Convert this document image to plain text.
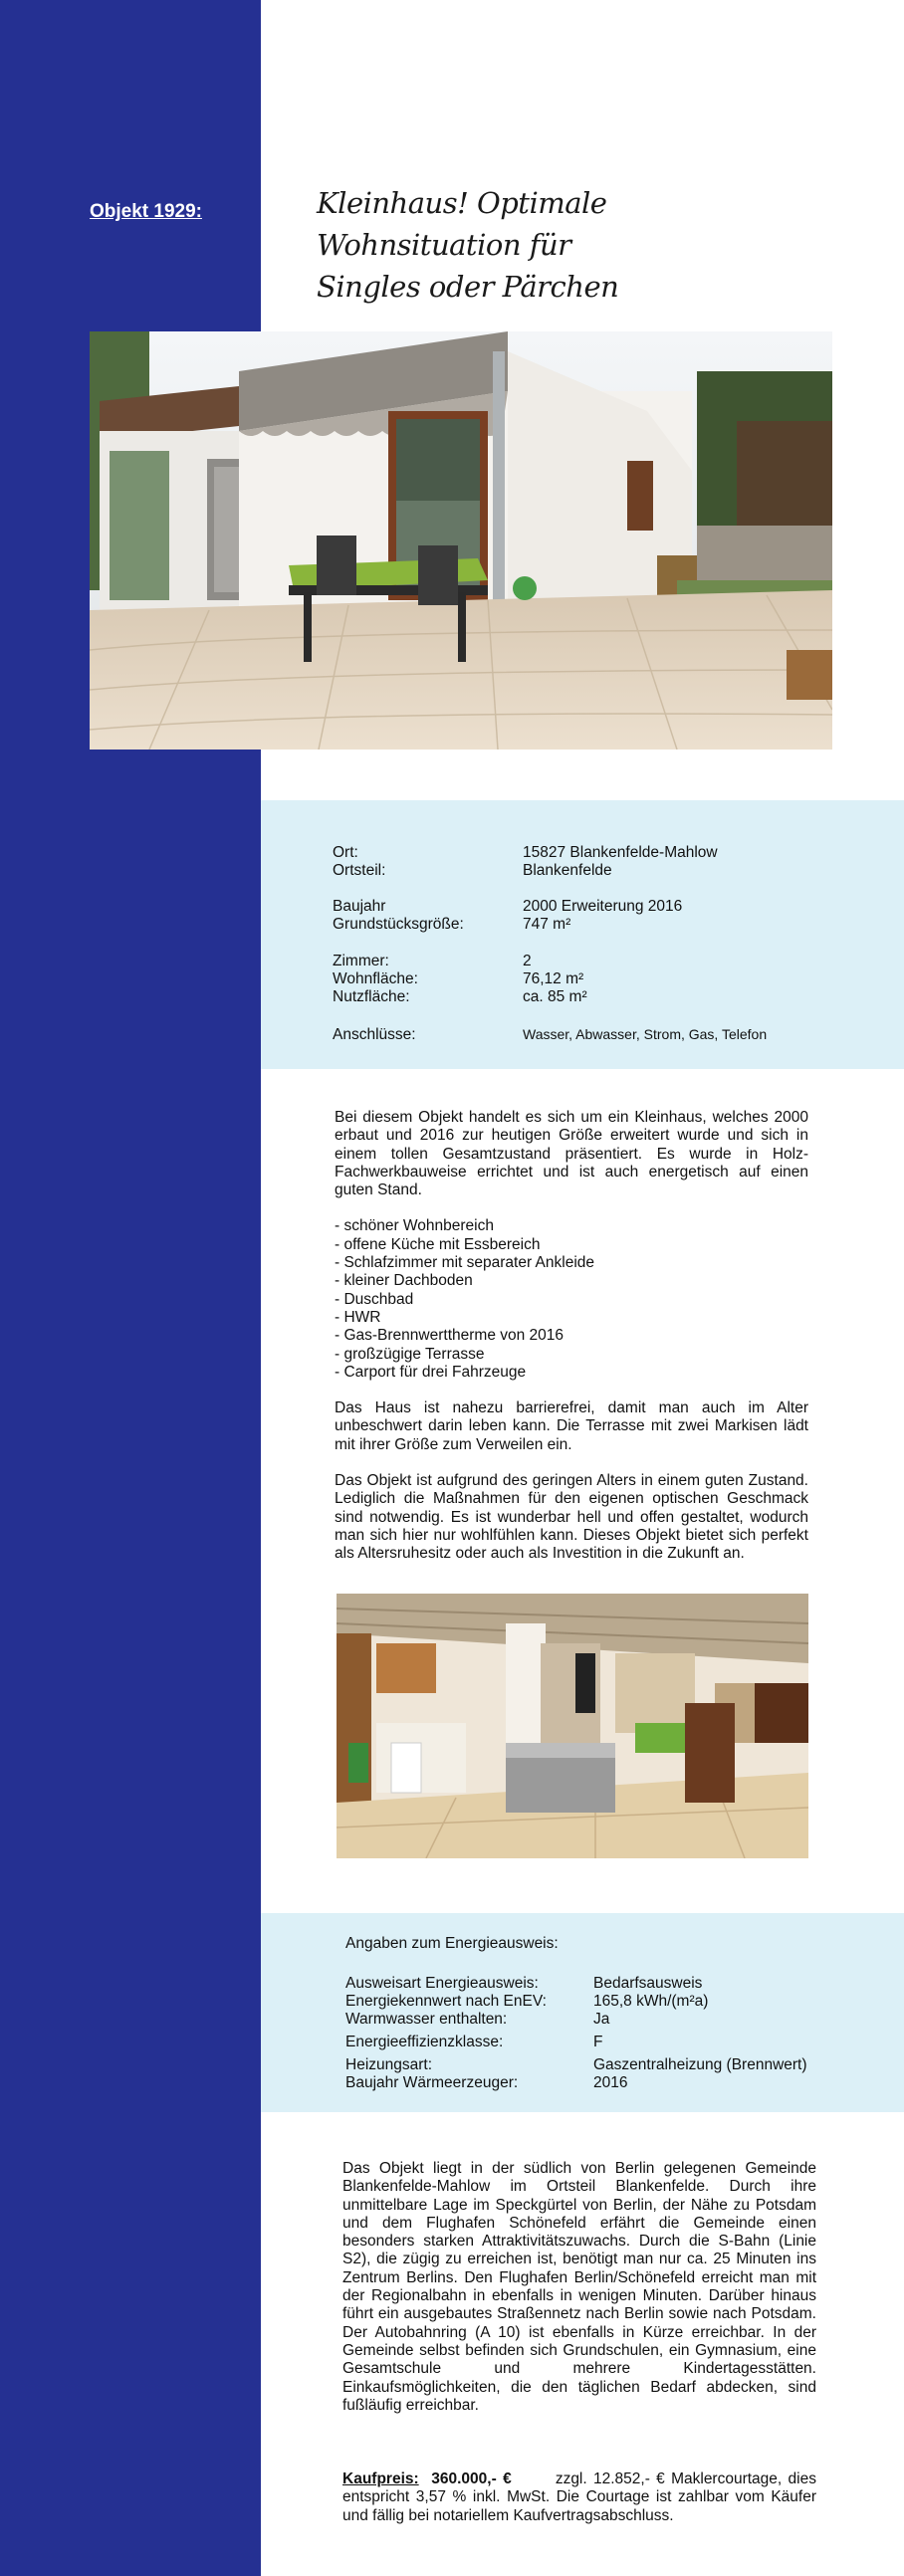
Objekt 1929:	Kleinhaus! Optimale Wohnsituation für
Singles oder Pärchen
Ort:	15827 Blankenfelde-Mahlow
Ortsteil:	Blankenfelde
Baujahr	2000 Erweiterung 2016
Grundstücksgröße:	747 m²
Zimmer:	2
Wohnfläche:	76,12 m²
Nutzfläche:	ca. 85 m²
Anschlüsse:	Wasser, Abwasser, Strom, Gas, Telefon

Bei diesem Objekt handelt es sich um ein Kleinhaus, welches 2000 erbaut und 2016 zur heutigen Größe erweitert wurde und sich in einem tollen Gesamtzustand präsentiert. Es wurde in Holz-Fachwerkbauweise errichtet und ist auch energetisch auf einen guten Stand.

- schöner Wohnbereich
- offene Küche mit Essbereich
- Schlafzimmer mit separater Ankleide
- kleiner Dachboden
- Duschbad
- HWR
- Gas-Brennwerttherme von 2016
- großzügige Terrasse
- Carport für drei Fahrzeuge

Das Haus ist nahezu barrierefrei, damit man auch im Alter unbeschwert darin leben kann. Die Terrasse mit zwei Markisen lädt mit ihrer Größe zum Verweilen ein.

Das Objekt ist aufgrund des geringen Alters in einem guten Zustand. Lediglich die Maßnahmen für den eigenen optischen Geschmack sind notwendig. Es ist wunderbar hell und offen gestaltet, wodurch man sich hier nur wohlfühlen kann. Dieses Objekt bietet sich perfekt als Altersruhesitz oder auch als Investition in die Zukunft an.

Angaben zum Energieausweis:
Ausweisart Energieausweis:	Bedarfsausweis
Energiekennwert nach EnEV:	165,8 kWh/(m²a)
Warmwasser enthalten:	Ja
Energieeffizienzklasse:	F
Heizungsart:	Gaszentralheizung (Brennwert)
Baujahr Wärmeerzeuger:	2016
Das Objekt liegt in der südlich von Berlin gelegenen Gemeinde Blankenfelde-Mahlow im Ortsteil Blankenfelde. Durch ihre unmittelbare Lage im Speckgürtel von Berlin, der Nähe zu Potsdam und dem Flughafen Schönefeld erfährt die Gemeinde einen besonders starken Attraktivitätszuwachs. Durch die S-Bahn (Linie S2), die zügig zu erreichen ist, benötigt man nur ca. 25 Minuten ins Zentrum Berlins. Den Flughafen Berlin/Schönefeld erreicht man mit der Regionalbahn in ebenfalls in wenigen Minuten. Darüber hinaus führt ein ausgebautes Straßennetz nach Berlin sowie nach Potsdam. Der Autobahnring (A 10) ist ebenfalls in Kürze erreichbar. In der Gemeinde selbst befinden sich Grundschulen, ein Gymnasium, eine Gesamtschule und mehrere Kindertagesstätten. Einkaufsmöglichkeiten, die den täglichen Bedarf abdecken, sind fußläufig erreichbar.
Kaufpreis: 360.000,- €	zzgl. 12.852,- € Maklercourtage, dies entspricht 3,57 % inkl. MwSt. Die Courtage ist zahlbar vom Käufer und fällig bei notariellem Kaufvertragsabschluss.
